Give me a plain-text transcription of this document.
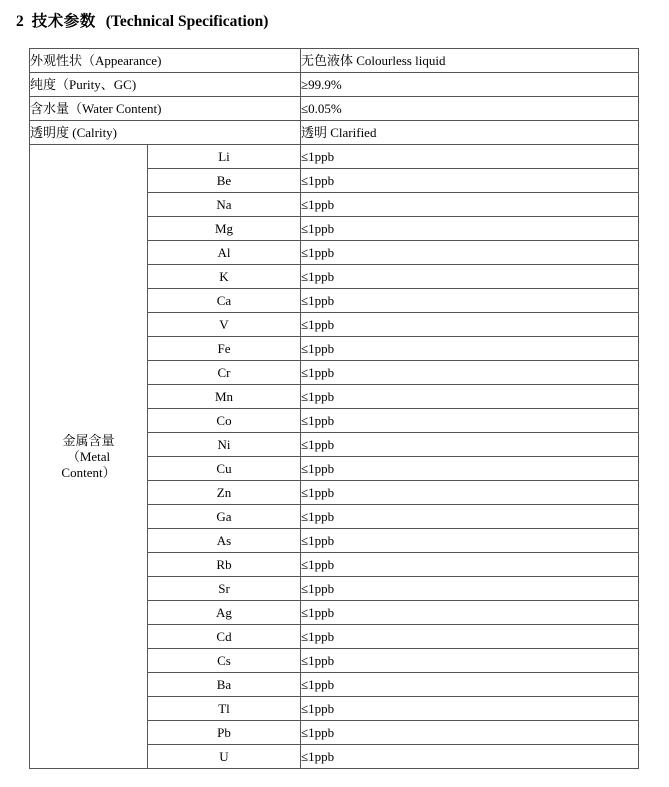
2 技术参数 (Technical Specification)
外观性状（Appearance)		无色液体 Colourless liquid
纯度（Purity、GC)		≥99.9%
含水量（Water Content)		≤0.05%
透明度 (Calrity)		透明 Clarified

金属含量
（Metal
Content）	Li	≤1ppb
	Be	≤1ppb
	Na	≤1ppb
	Mg	≤1ppb
	Al	≤1ppb
	K	≤1ppb
	Ca	≤1ppb
	V	≤1ppb
	Fe	≤1ppb
	Cr	≤1ppb
	Mn	≤1ppb
	Co	≤1ppb
	Ni	≤1ppb
	Cu	≤1ppb
	Zn	≤1ppb
	Ga	≤1ppb
	As	≤1ppb
	Rb	≤1ppb
	Sr	≤1ppb
	Ag	≤1ppb
	Cd	≤1ppb
	Cs	≤1ppb
	Ba	≤1ppb
	Tl	≤1ppb
	Pb	≤1ppb
	U	≤1ppb
